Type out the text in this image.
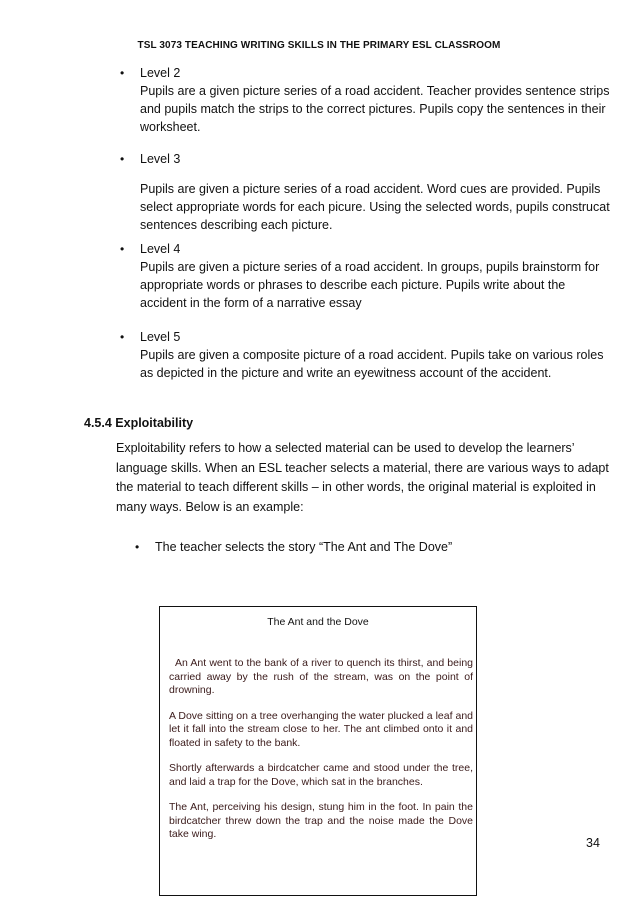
TSL 3073 TEACHING WRITING SKILLS IN THE PRIMARY ESL CLASSROOM
• Level 2
Pupils are a given picture series of a road accident. Teacher provides sentence strips and pupils match the strips to the correct pictures. Pupils copy the sentences in their worksheet.
• Level 3
Pupils are given a picture series of a road accident. Word cues are provided. Pupils select appropriate words for each picure. Using the selected words, pupils construcat sentences describing each picture.
• Level 4
Pupils are given a picture series of a road accident. In groups, pupils brainstorm for appropriate words or phrases to describe each picture. Pupils write about the accident in the form of a narrative essay
• Level 5
Pupils are given a composite picture of a road accident. Pupils take on various roles as depicted in the picture and write an eyewitness account of the accident.
4.5.4 Exploitability
Exploitability refers to how a selected material can be used to develop the learners’ language skills. When an ESL teacher selects a material, there are various ways to adapt the material to teach different skills – in other words, the original material is exploited in many ways. Below is an example:
• The teacher selects the story “The Ant and The Dove”
The Ant and the Dove

An Ant went to the bank of a river to quench its thirst, and being carried away by the rush of the stream, was on the point of drowning.

A Dove sitting on a tree overhanging the water plucked a leaf and let it fall into the stream close to her. The ant climbed onto it and floated in safety to the bank.

Shortly afterwards a birdcatcher came and stood under the tree, and laid a trap for the Dove, which sat in the branches.

The Ant, perceiving his design, stung him in the foot. In pain the birdcatcher threw down the trap and the noise made the Dove take wing.

34
